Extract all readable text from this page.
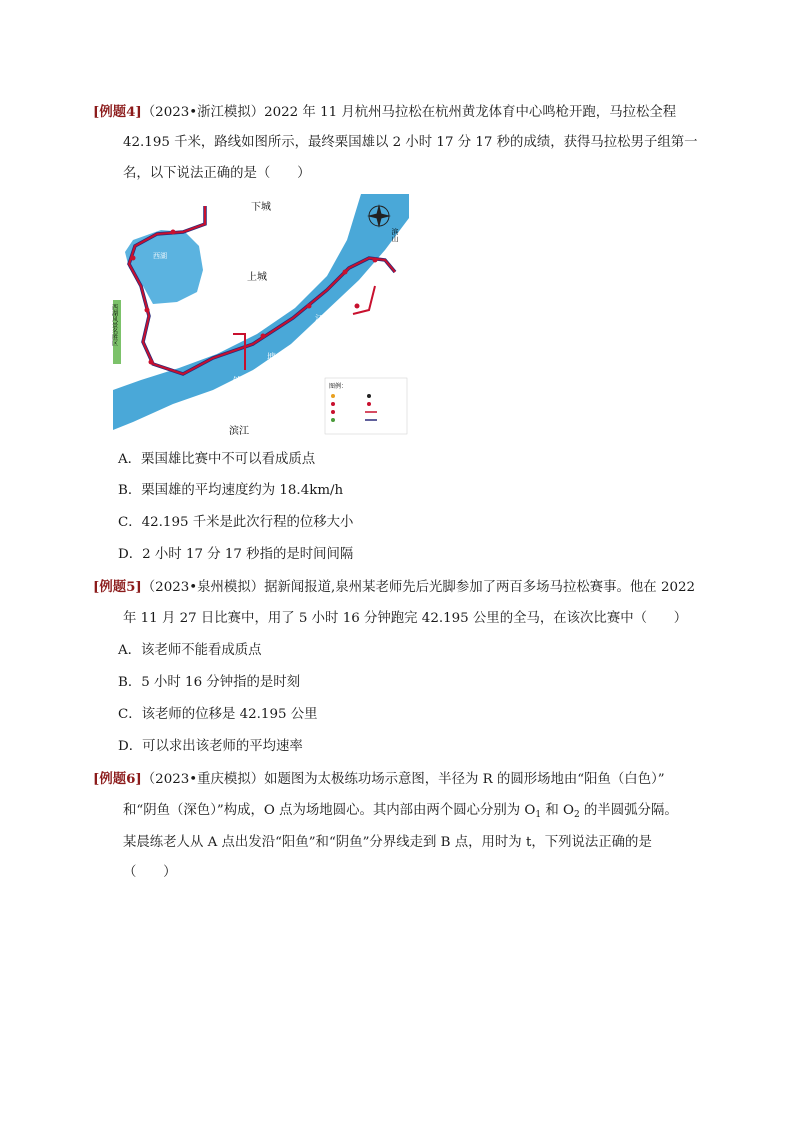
[例题4]（2023•浙江模拟）2022 年 11 月杭州马拉松在杭州黄龙体育中心鸣枪开跑，马拉松全程
42.195 千米，路线如图所示，最终栗国雄以 2 小时 17 分 17 秒的成绩，获得马拉松男子组第一
名，以下说法正确的是（　　）
下城
上城
滨江
西湖
钱
塘
江
西湖风景名胜区
滨山
图例：
A．栗国雄比赛中不可以看成质点
B．栗国雄的平均速度约为 18.4km/h
C．42.195 千米是此次行程的位移大小
D．2 小时 17 分 17 秒指的是时间间隔
[例题5]（2023•泉州模拟）据新闻报道,泉州某老师先后光脚参加了两百多场马拉松赛事。他在 2022
年 11 月 27 日比赛中，用了 5 小时 16 分钟跑完 42.195 公里的全马，在该次比赛中（　　）
A．该老师不能看成质点
B．5 小时 16 分钟指的是时刻
C．该老师的位移是 42.195 公里
D．可以求出该老师的平均速率
[例题6]（2023•重庆模拟）如题图为太极练功场示意图，半径为 R 的圆形场地由“阳鱼（白色）”
和“阴鱼（深色）”构成，O 点为场地圆心。其内部由两个圆心分别为 $O_1$ 和 $O_2$ 的半圆弧分隔。
某晨练老人从 A 点出发沿“阳鱼”和“阴鱼”分界线走到 B 点，用时为 t，下列说法正确的是
（　　）
